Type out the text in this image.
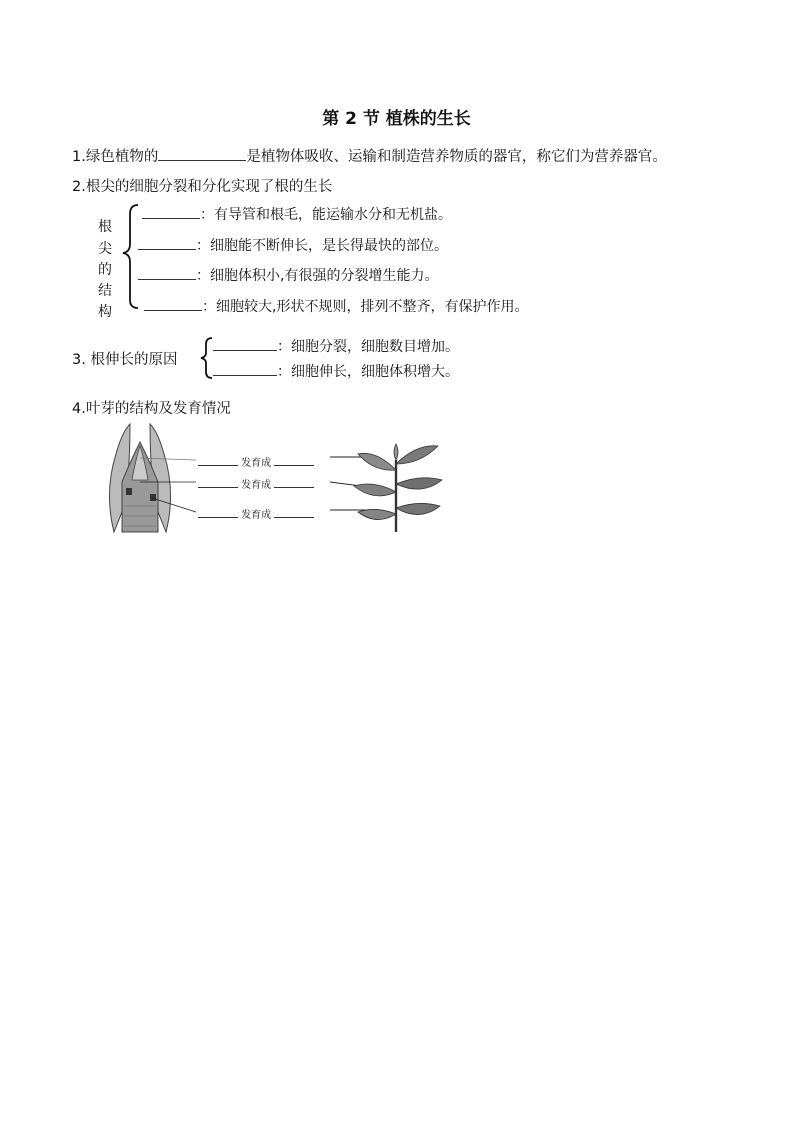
第 2 节 植株的生长
1.绿色植物的	是植物体吸收、运输和制造营养物质的器官，称它们为营养器官。
2.根尖的细胞分裂和分化实现了根的生长
根
尖
的
结
构
：有导管和根毛，能运输水分和无机盐。
：细胞能不断伸长，是长得最快的部位。
：细胞体积小,有很强的分裂增生能力。
：细胞较大,形状不规则，排列不整齐，有保护作用。
3. 根伸长的原因
：细胞分裂，细胞数目增加。
：细胞伸长，细胞体积增大。
4.叶芽的结构及发育情况
发育成
发育成
发育成
